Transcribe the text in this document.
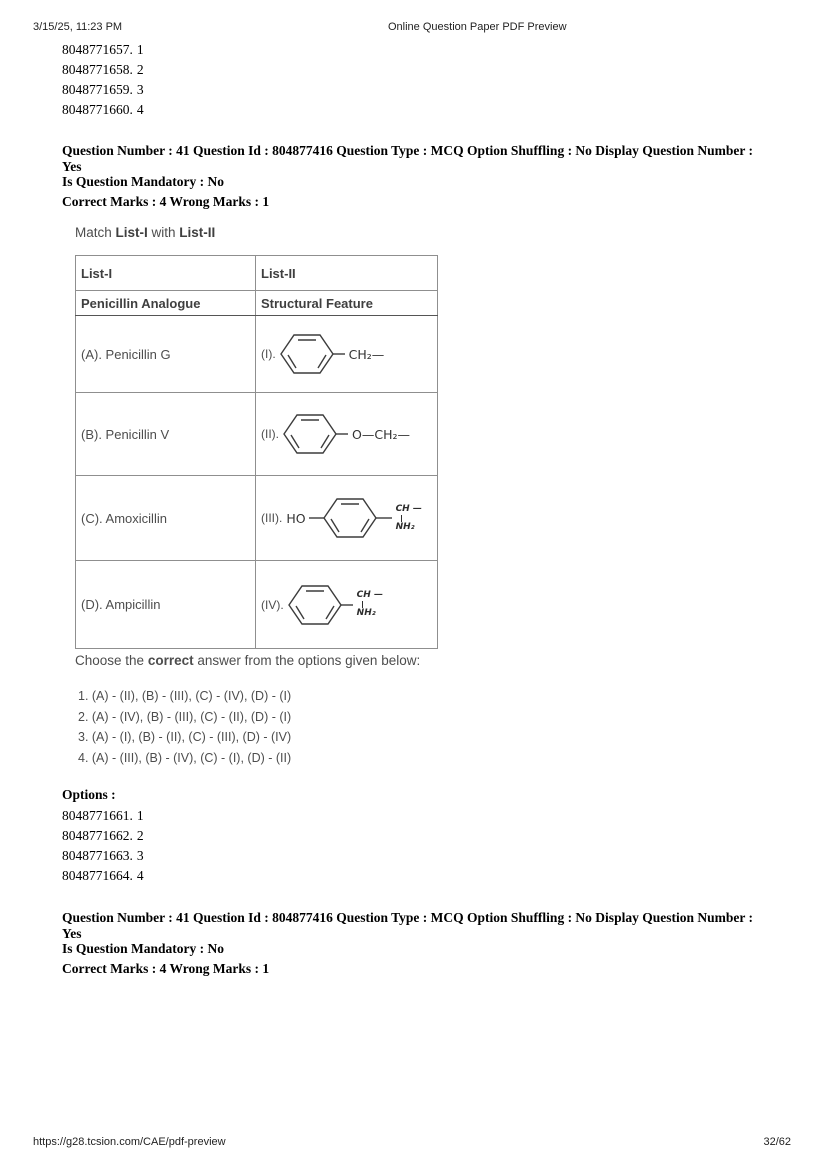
3/15/25, 11:23 PM	Online Question Paper PDF Preview
8048771657. 1
8048771658. 2
8048771659. 3
8048771660. 4
Question Number : 41 Question Id : 804877416 Question Type : MCQ Option Shuffling : No Display Question Number : Yes
Is Question Mandatory : No
Correct Marks : 4 Wrong Marks : 1
Match List-I with List-II
List-I	List-II
Penicillin Analogue	Structural Feature
(A). Penicillin G	(I). CH₂—

(B). Penicillin V	(II). O—CH₂—

(C). Amoxicillin	(III). HO
CH —
NH₂

(D). Ampicillin	(IV).
CH —
NH₂
Choose the correct answer from the options given below:
1. (A) - (II), (B) - (III), (C) - (IV), (D) - (I)
2. (A) - (IV), (B) - (III), (C) - (II), (D) - (I)
3. (A) - (I), (B) - (II), (C) - (III), (D) - (IV)
4. (A) - (III), (B) - (IV), (C) - (I), (D) - (II)
Options :
8048771661. 1
8048771662. 2
8048771663. 3
8048771664. 4
Question Number : 41 Question Id : 804877416 Question Type : MCQ Option Shuffling : No Display Question Number : Yes
Is Question Mandatory : No
Correct Marks : 4 Wrong Marks : 1
https://g28.tcsion.com/CAE/pdf-preview	32/62
